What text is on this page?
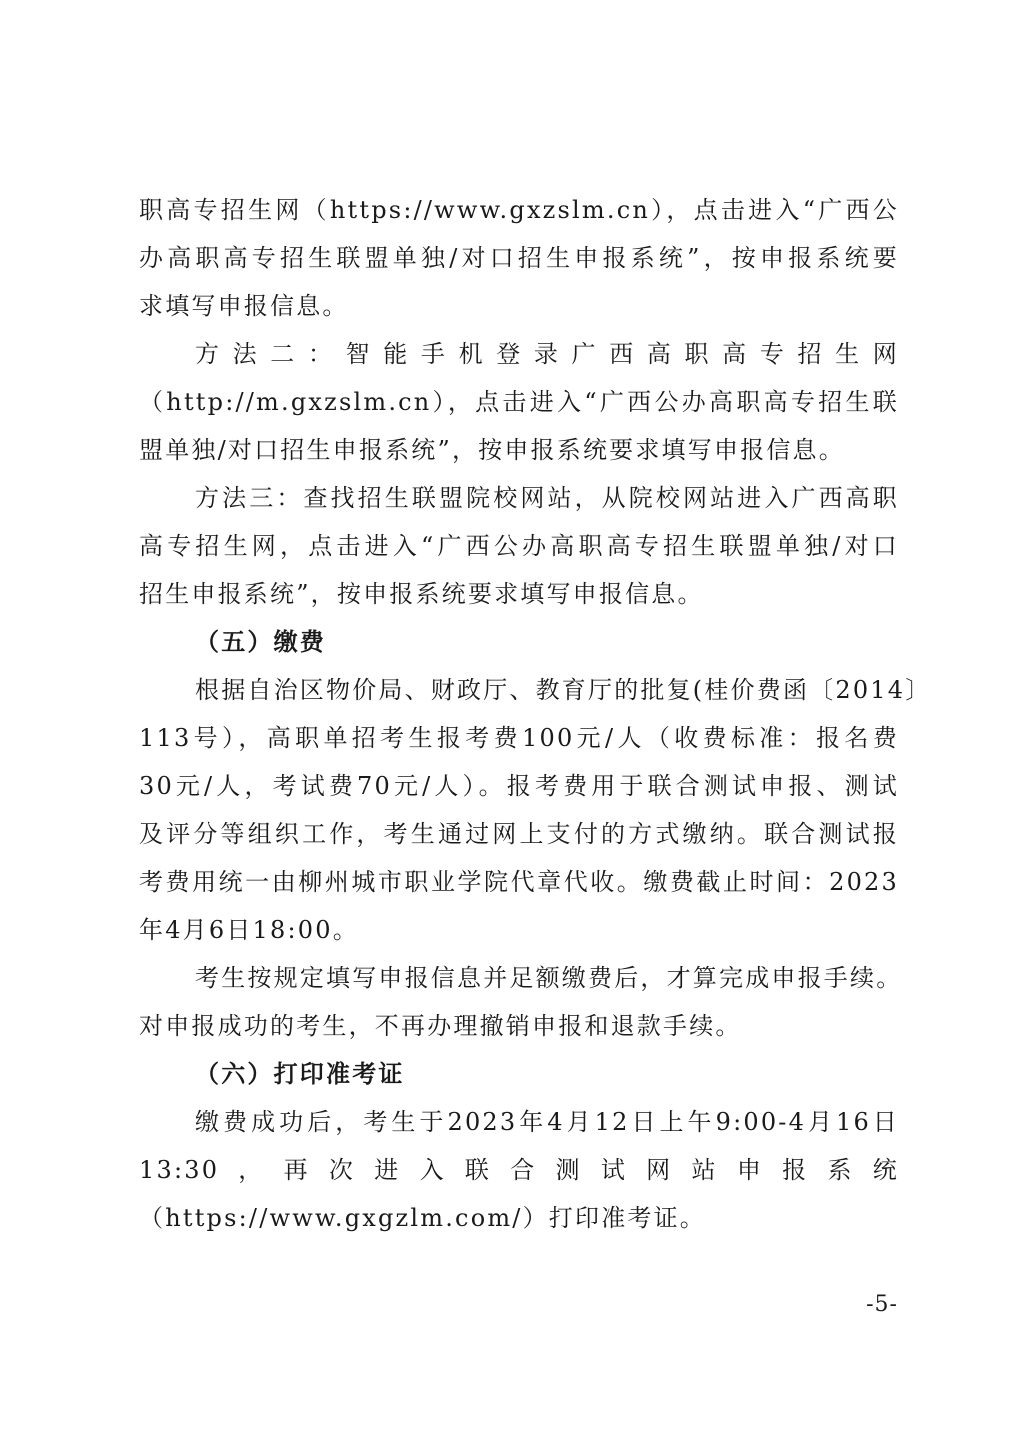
职高专招生网（https://www.gxzslm.cn），点击进入“广西公
办高职高专招生联盟单独/对口招生申报系统”，按申报系统要
求填写申报信息。

方法二：智能手机登录广西高职高专招生网
（http://m.gxzslm.cn），点击进入“广西公办高职高专招生联
盟单独/对口招生申报系统”，按申报系统要求填写申报信息。

方法三：查找招生联盟院校网站，从院校网站进入广西高职
高专招生网，点击进入“广西公办高职高专招生联盟单独/对口
招生申报系统”，按申报系统要求填写申报信息。

（五）缴费

根据自治区物价局、财政厅、教育厅的批复(桂价费函〔2014〕
113号），高职单招考生报考费100元/人（收费标准：报名费
30元/人，考试费70元/人）。报考费用于联合测试申报、测试
及评分等组织工作，考生通过网上支付的方式缴纳。联合测试报
考费用统一由柳州城市职业学院代章代收。缴费截止时间：2023
年4月6日18:00。

考生按规定填写申报信息并足额缴费后，才算完成申报手续。
对申报成功的考生，不再办理撤销申报和退款手续。

（六）打印准考证

缴费成功后，考生于2023年4月12日上午9:00-4月16日
13:30，再次进入联合测试网站申报系统
（https://www.gxgzlm.com/）打印准考证。

-5-
